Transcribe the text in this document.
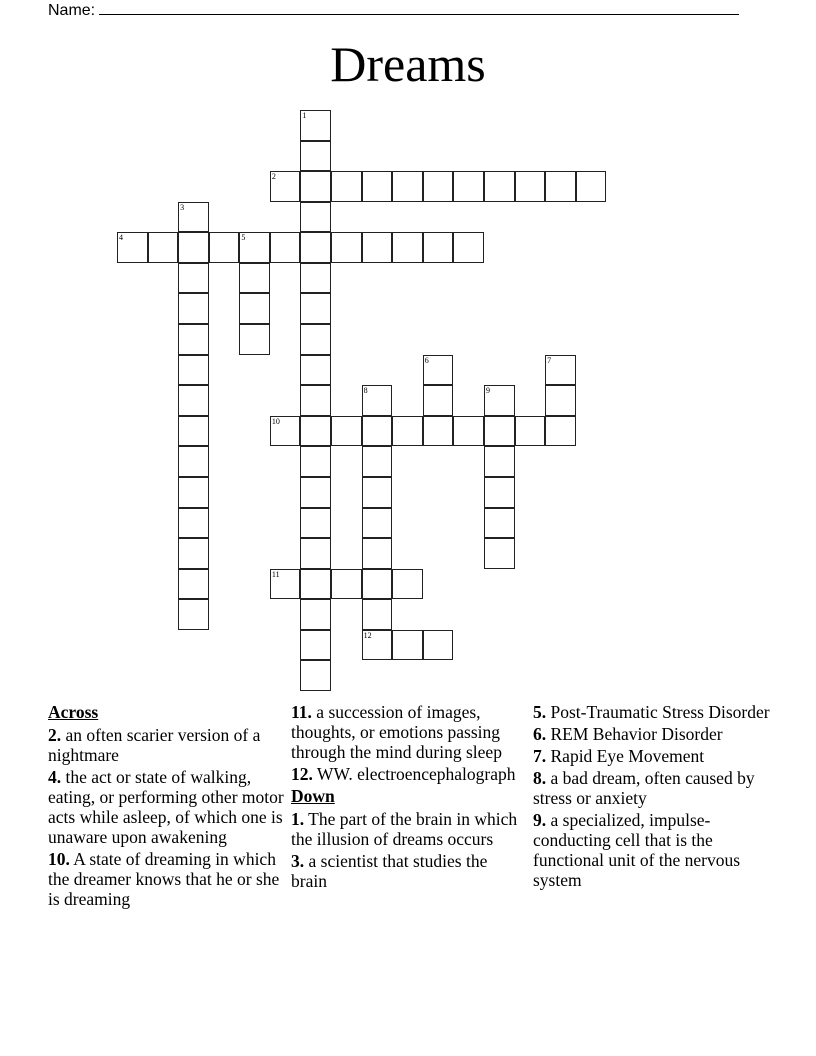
Name:
Dreams
1
2
3
4	5
6	7
8
12
9
10
11
Across
2. an often scarier version of a nightmare
4. the act or state of walking, eating, or performing other motor acts while asleep, of which one is unaware upon awakening
10. A state of dreaming in which the dreamer knows that he or she is dreaming
11. a succession of images, thoughts, or emotions passing through the mind during sleep
12. WW. electroencephalograph
Down
1. The part of the brain in which the illusion of dreams occurs
3. a scientist that studies the brain
5. Post-Traumatic Stress Disorder
6. REM Behavior Disorder
7. Rapid Eye Movement
8. a bad dream, often caused by stress or anxiety
9. a specialized, impulse-conducting cell that is the functional unit of the nervous system
